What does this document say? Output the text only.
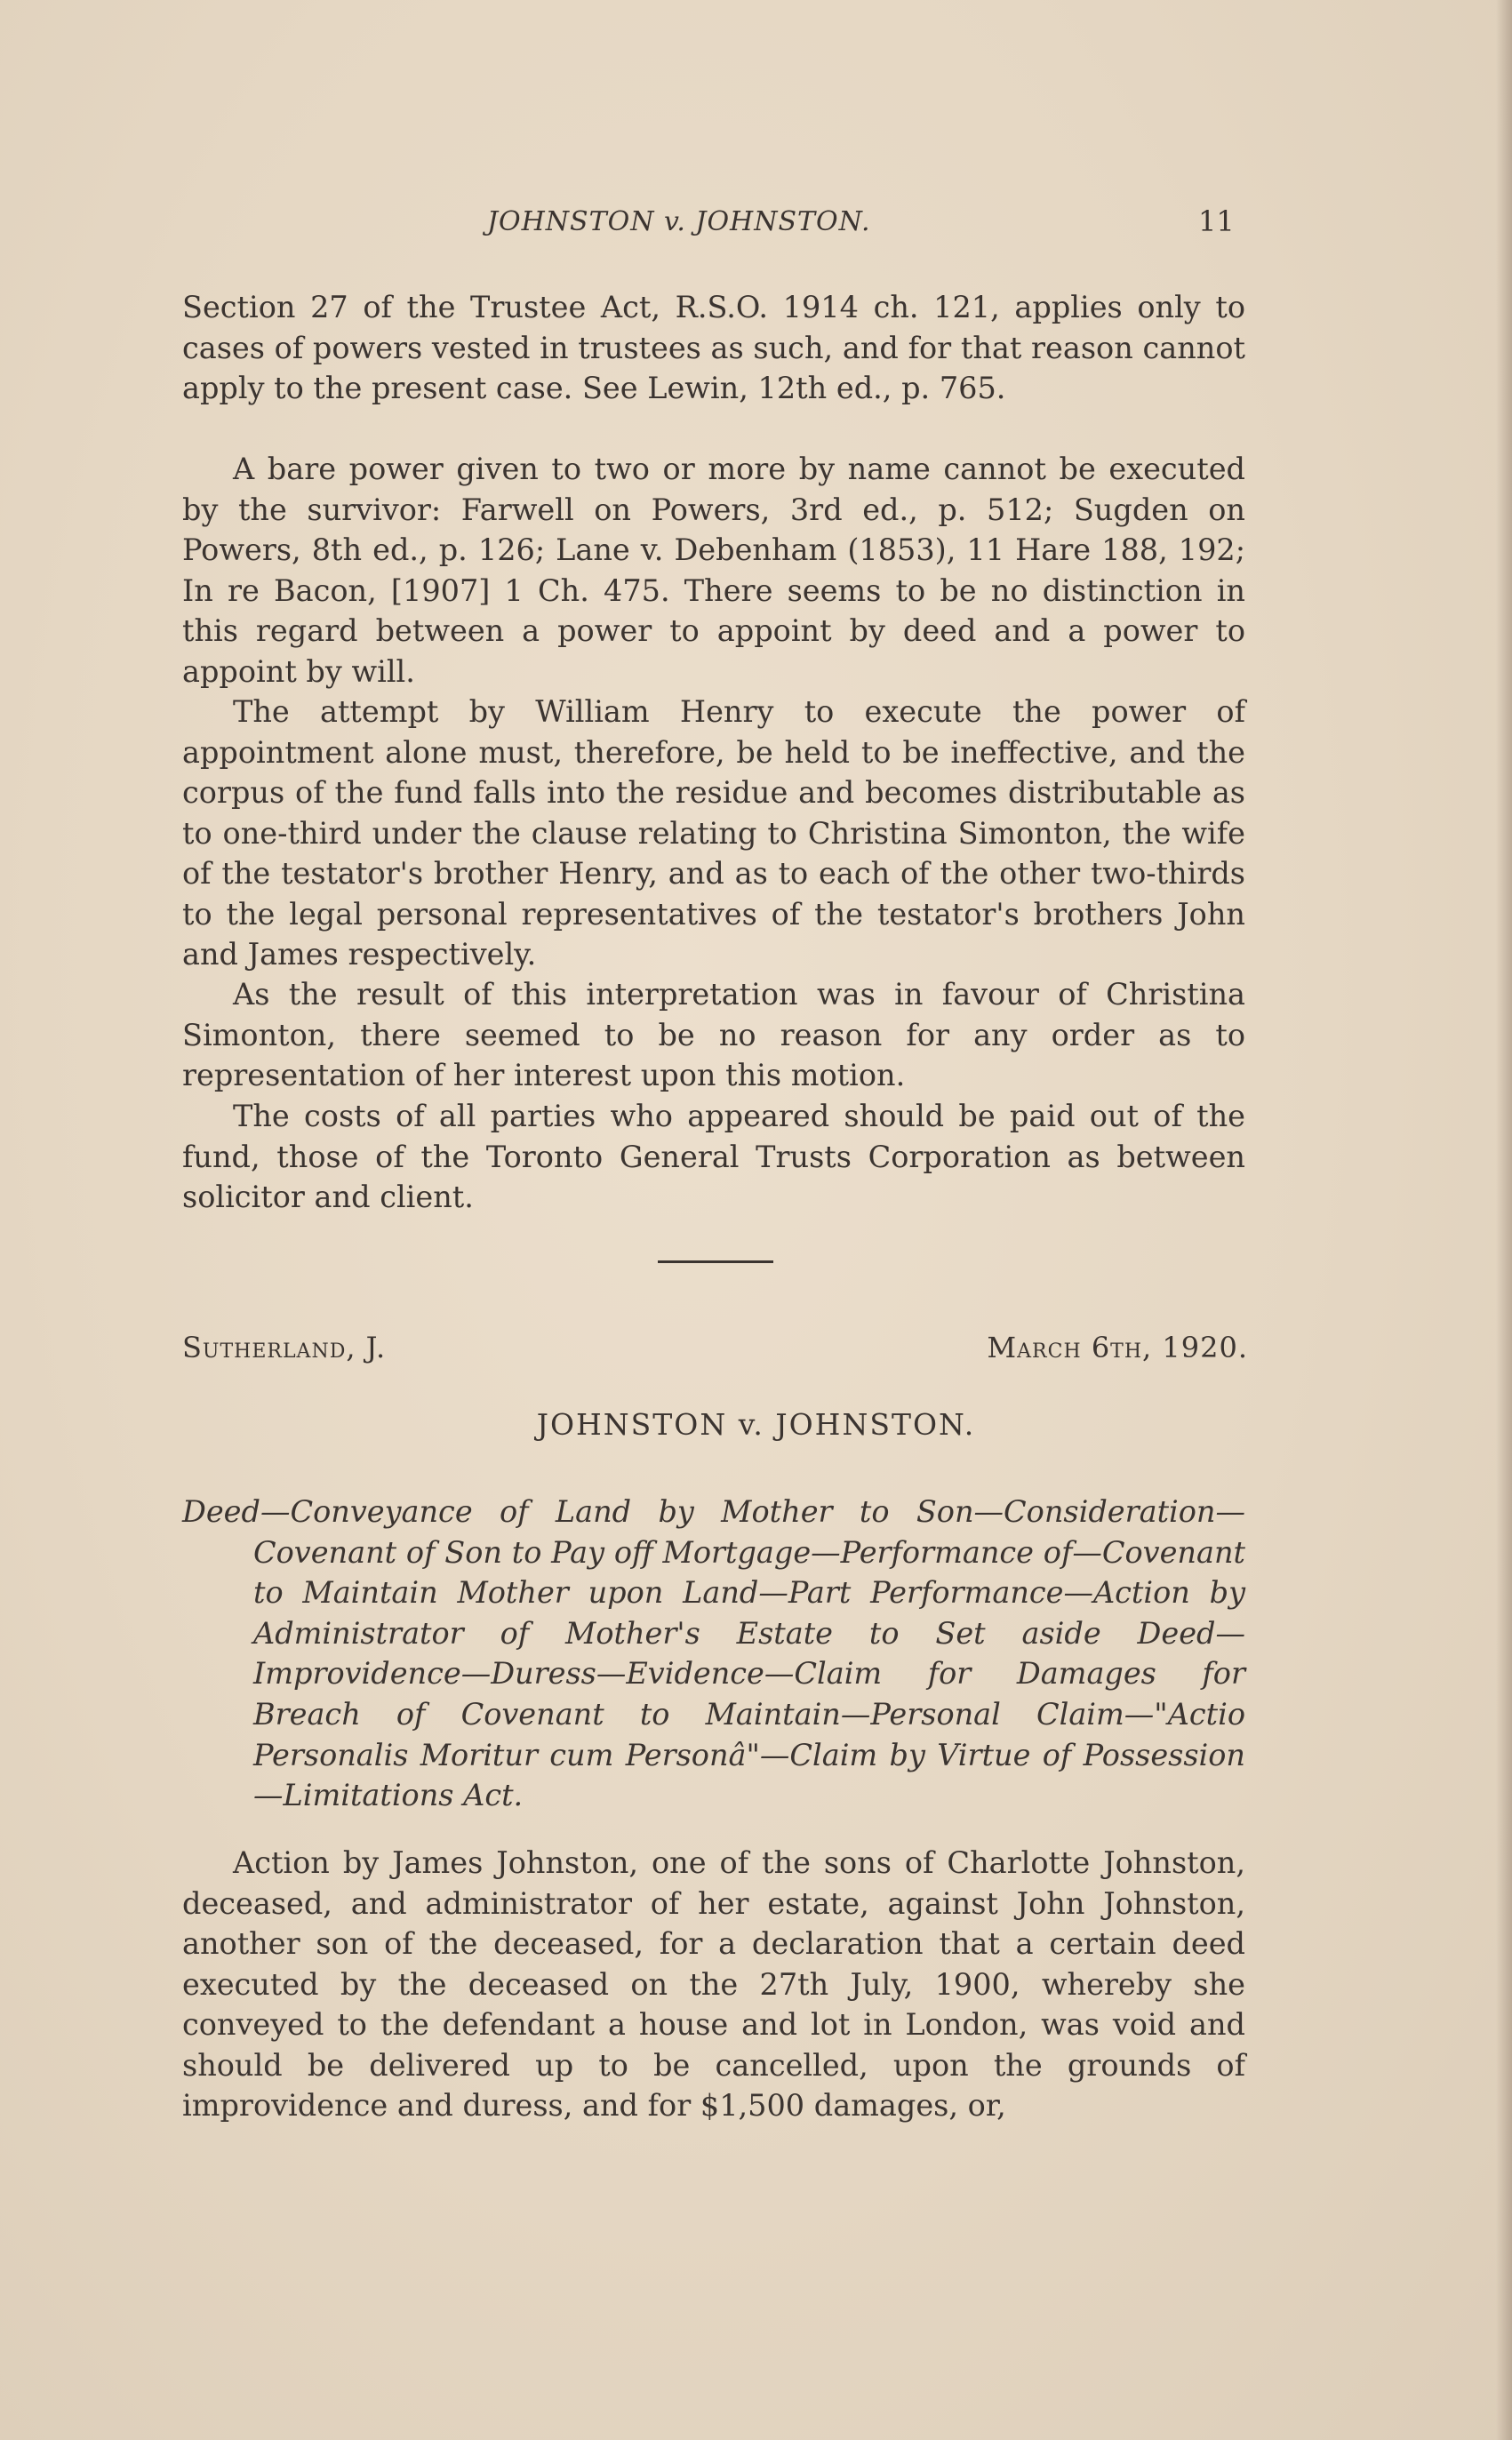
JOHNSTON v. JOHNSTON.	11

Section 27 of the Trustee Act, R.S.O. 1914 ch. 121, applies only to cases of powers vested in trustees as such, and for that reason cannot apply to the present case. See Lewin, 12th ed., p. 765.

A bare power given to two or more by name cannot be executed by the survivor: Farwell on Powers, 3rd ed., p. 512; Sugden on Powers, 8th ed., p. 126; Lane v. Debenham (1853), 11 Hare 188, 192; In re Bacon, [1907] 1 Ch. 475. There seems to be no distinction in this regard between a power to appoint by deed and a power to appoint by will.

The attempt by William Henry to execute the power of appointment alone must, therefore, be held to be ineffective, and the corpus of the fund falls into the residue and becomes distributable as to one-third under the clause relating to Christina Simonton, the wife of the testator's brother Henry, and as to each of the other two-thirds to the legal personal representatives of the testator's brothers John and James respectively.

As the result of this interpretation was in favour of Christina Simonton, there seemed to be no reason for any order as to representation of her interest upon this motion.

The costs of all parties who appeared should be paid out of the fund, those of the Toronto General Trusts Corporation as between solicitor and client.

Sutherland, J.	March 6th, 1920.
JOHNSTON v. JOHNSTON.

Deed—Conveyance of Land by Mother to Son—Consideration—Covenant of Son to Pay off Mortgage—Performance of—Covenant to Maintain Mother upon Land—Part Performance—Action by Administrator of Mother's Estate to Set aside Deed—Improvidence—Duress—Evidence—Claim for Damages for Breach of Covenant to Maintain—Personal Claim—"Actio Personalis Moritur cum Personâ"—Claim by Virtue of Possession—Limitations Act.

Action by James Johnston, one of the sons of Charlotte Johnston, deceased, and administrator of her estate, against John Johnston, another son of the deceased, for a declaration that a certain deed executed by the deceased on the 27th July, 1900, whereby she conveyed to the defendant a house and lot in London, was void and should be delivered up to be cancelled, upon the grounds of improvidence and duress, and for $1,500 damages, or,
